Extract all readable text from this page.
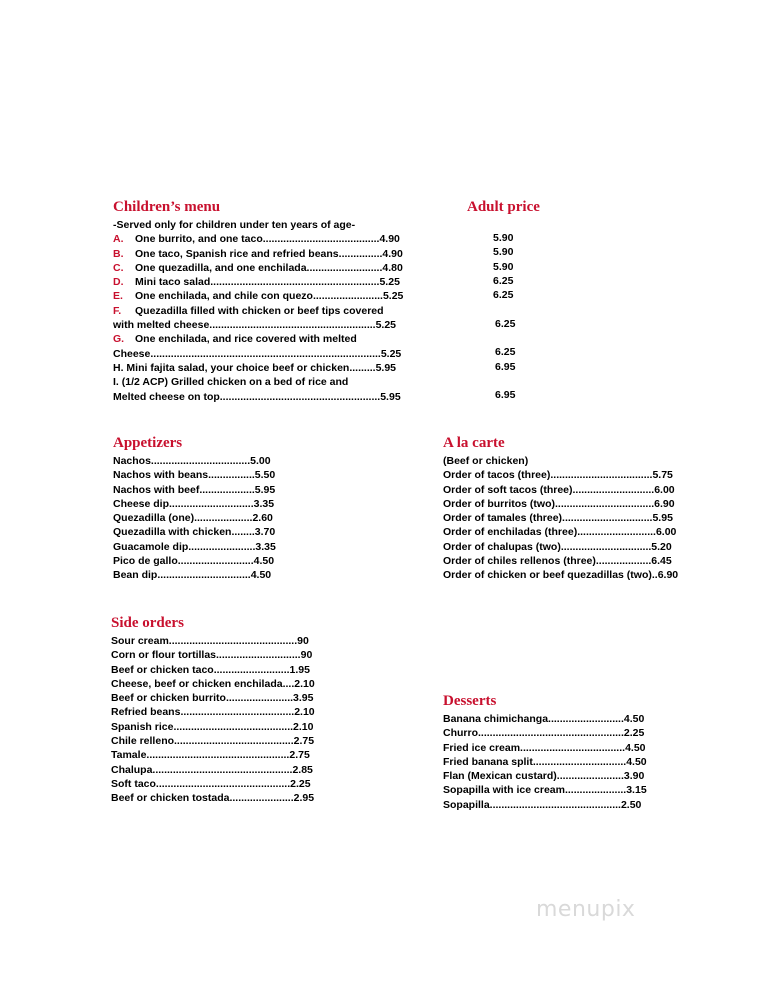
Children’s menu
-Served only for children under ten years of age-
A. One burrito, and one taco........................................4.90
B. One taco, Spanish rice and refried beans...............4.90
C. One quezadilla, and one enchilada..........................4.80
D. Mini taco salad..........................................................5.25
E. One enchilada, and chile con quezo........................5.25
F. Quezadilla filled with chicken or beef tips covered
with melted cheese.........................................................5.25
G. One enchilada, and rice covered with melted
Cheese...............................................................................5.25
H. Mini fajita salad, your choice beef or chicken.........5.95
I. (1/2 ACP) Grilled chicken on a bed of rice and
Melted cheese on top.......................................................5.95
Adult price
5.90
5.90
5.90
6.25
6.25
6.25
6.25
6.95
6.95
Appetizers
Nachos..................................5.00
Nachos with beans................5.50
Nachos with beef...................5.95
Cheese dip.............................3.35
Quezadilla (one)....................2.60
Quezadilla with chicken........3.70
Guacamole dip.......................3.35
Pico de gallo..........................4.50
Bean dip................................4.50
A la carte
(Beef or chicken)
Order of tacos (three)...................................5.75
Order of soft tacos (three)............................6.00
Order of burritos (two)..................................6.90
Order of tamales (three)...............................5.95
Order of enchiladas (three)...........................6.00
Order of chalupas (two)...............................5.20
Order of chiles rellenos (three)...................6.45
Order of chicken or beef quezadillas (two)..6.90
Side orders
Sour cream............................................90
Corn or flour tortillas.............................90
Beef or chicken taco..........................1.95
Cheese, beef or chicken enchilada....2.10
Beef or chicken burrito.......................3.95
Refried beans.......................................2.10
Spanish rice.........................................2.10
Chile relleno.........................................2.75
Tamale.................................................2.75
Chalupa................................................2.85
Soft taco..............................................2.25
Beef or chicken tostada......................2.95
Desserts
Banana chimichanga..........................4.50
Churro..................................................2.25
Fried ice cream....................................4.50
Fried banana split................................4.50
Flan (Mexican custard).......................3.90
Sopapilla with ice cream.....................3.15
Sopapilla.............................................2.50
menupix
